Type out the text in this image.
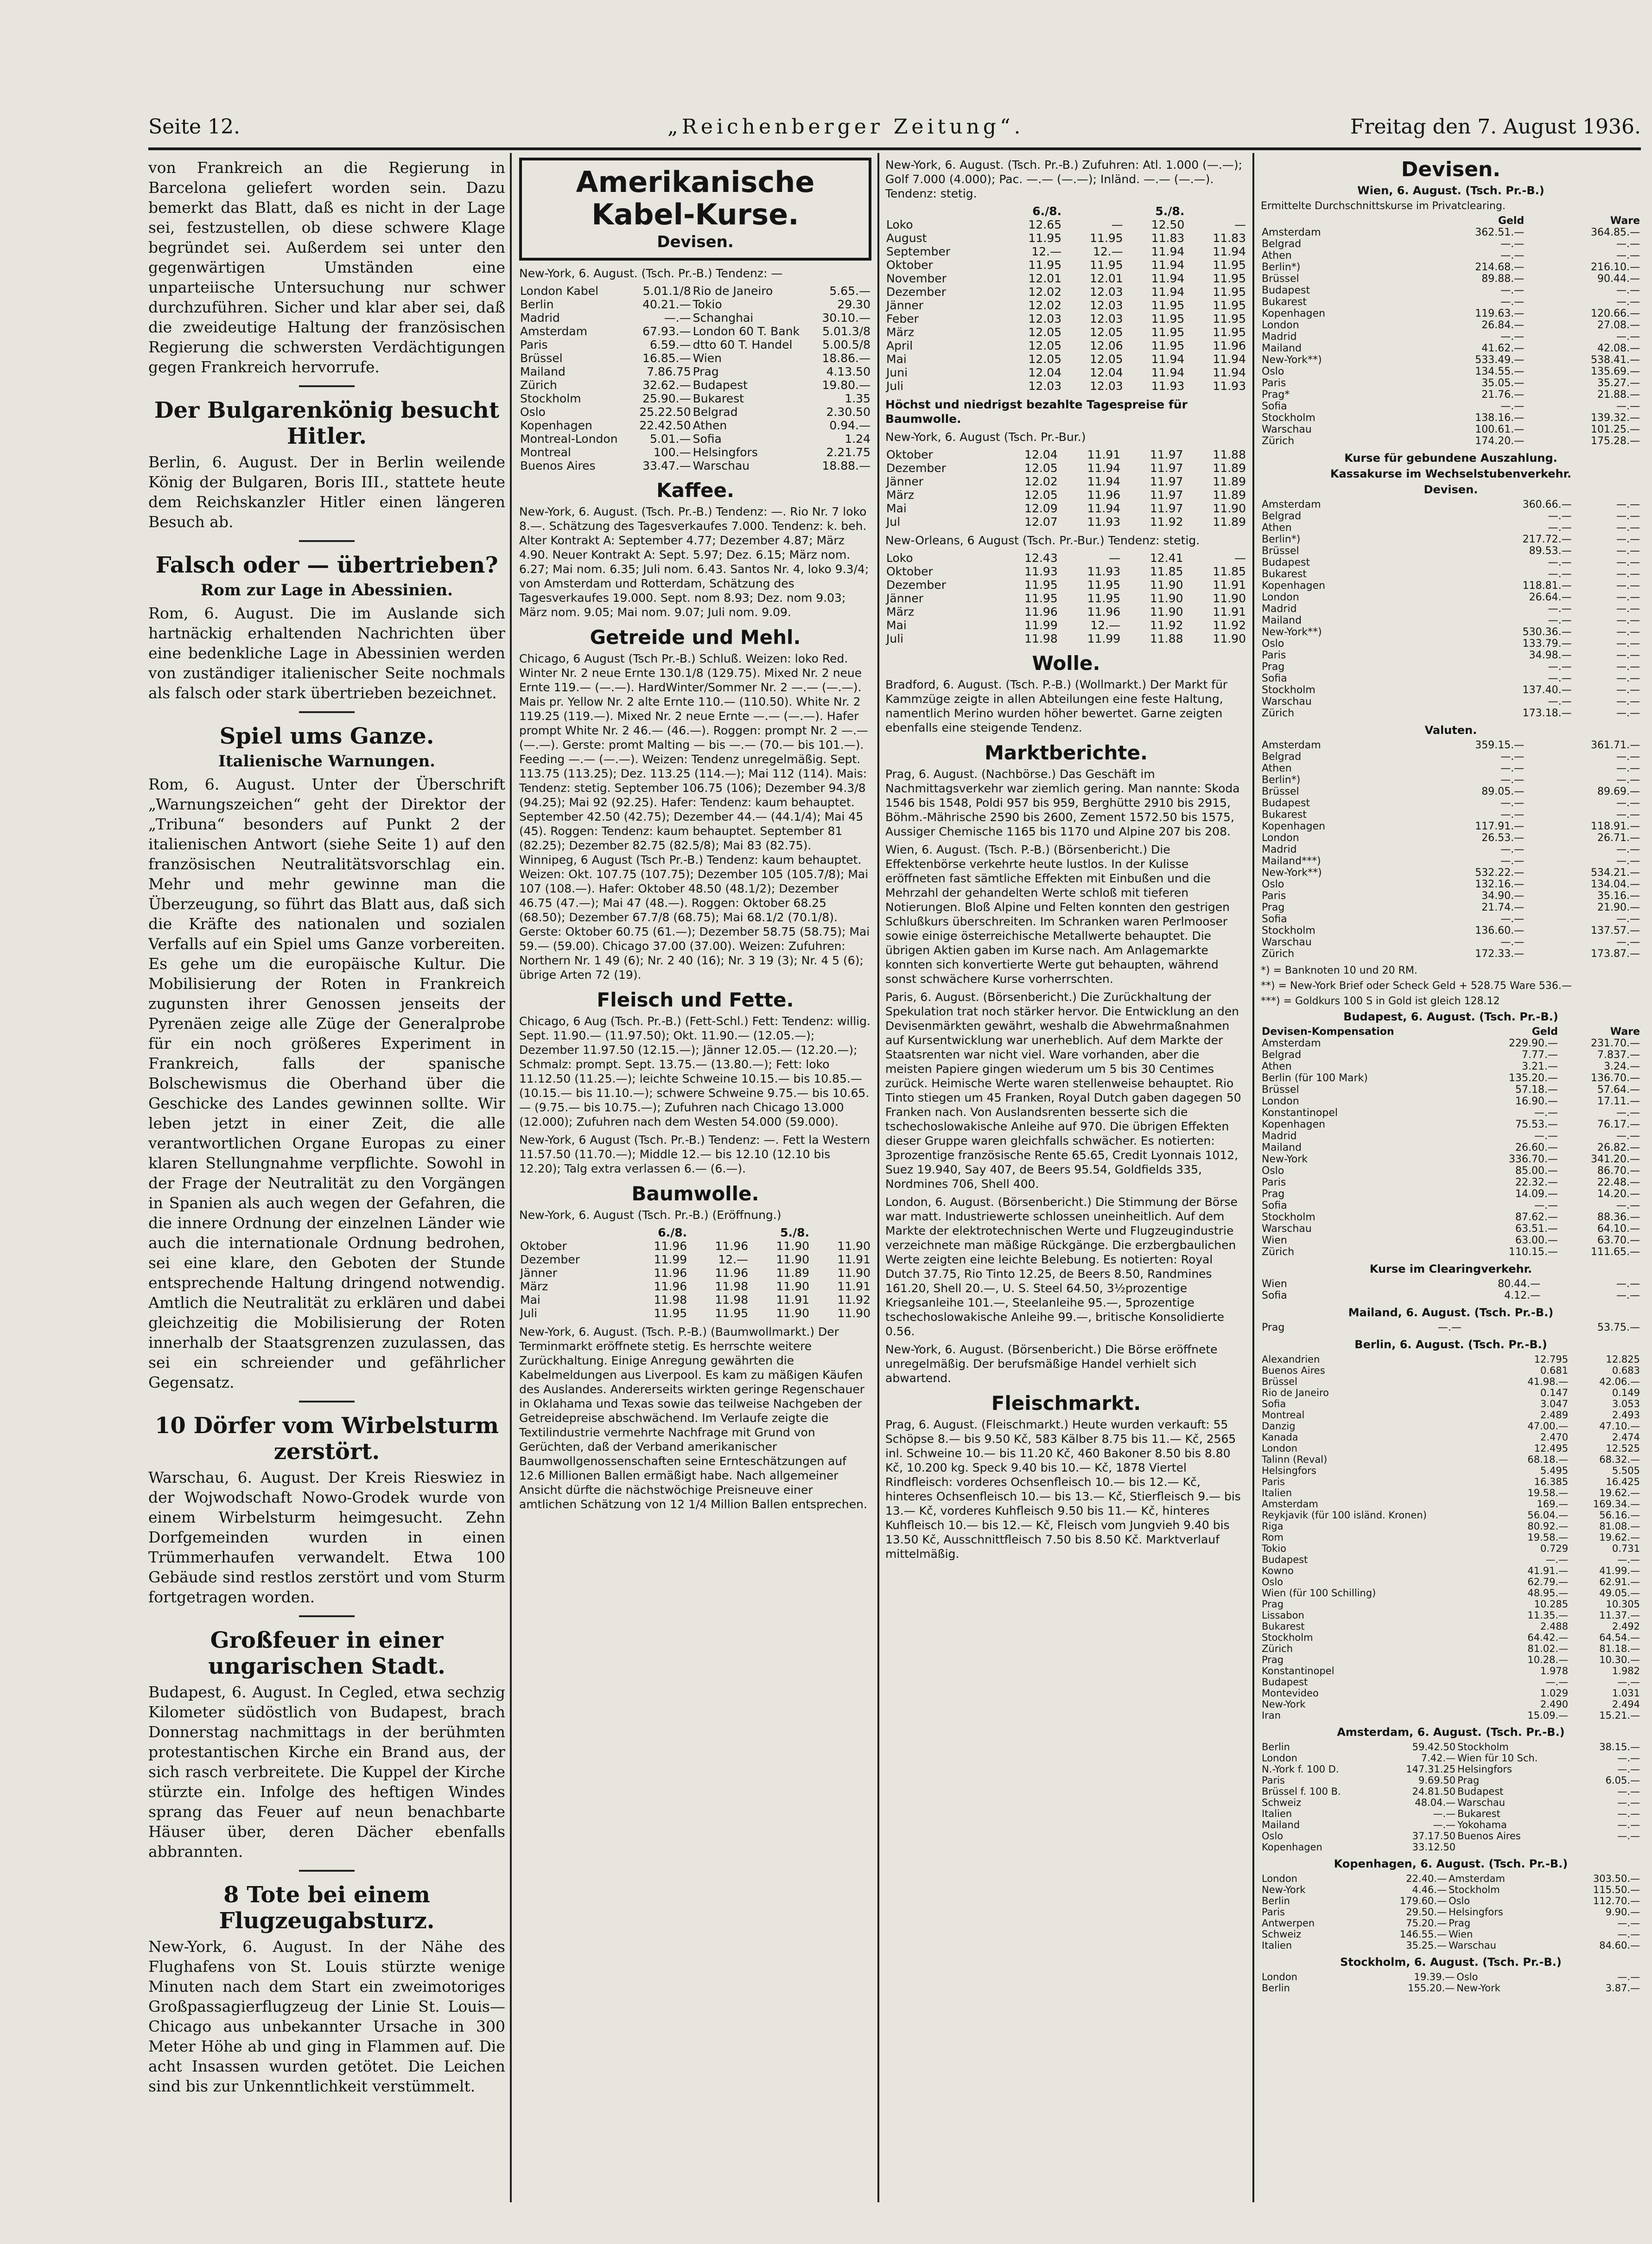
Seite 12.	„Reichenberger Zeitung“.	Freitag den 7. August 1936.

von Frankreich an die Regierung in Barcelona geliefert worden sein. Dazu bemerkt das Blatt, daß es nicht in der Lage sei, festzustellen, ob diese schwere Klage begründet sei. Außerdem sei unter den gegenwärtigen Umständen eine unparteiische Untersuchung nur schwer durchzuführen. Sicher und klar aber sei, daß die zweideutige Haltung der französischen Regierung die schwersten Verdächtigungen gegen Frankreich hervorrufe.

Der Bulgarenkönig besucht Hitler.

Berlin, 6. August. Der in Berlin weilende König der Bulgaren, Boris III., stattete heute dem Reichskanzler Hitler einen längeren Besuch ab.

Falsch oder — übertrieben?
Rom zur Lage in Abessinien.

Rom, 6. August. Die im Auslande sich hartnäckig erhaltenden Nachrichten über eine bedenkliche Lage in Abessinien werden von zuständiger italienischer Seite nochmals als falsch oder stark übertrieben bezeichnet.

Spiel ums Ganze.
Italienische Warnungen.

Rom, 6. August. Unter der Überschrift „Warnungszeichen“ geht der Direktor der „Tribuna“ besonders auf Punkt 2 der italienischen Antwort (siehe Seite 1) auf den französischen Neutralitätsvorschlag ein. Mehr und mehr gewinne man die Überzeugung, so führt das Blatt aus, daß sich die Kräfte des nationalen und sozialen Verfalls auf ein Spiel ums Ganze vorbereiten. Es gehe um die europäische Kultur. Die Mobilisierung der Roten in Frankreich zugunsten ihrer Genossen jenseits der Pyrenäen zeige alle Züge der Generalprobe für ein noch größeres Experiment in Frankreich, falls der spanische Bolschewismus die Oberhand über die Geschicke des Landes gewinnen sollte. Wir leben jetzt in einer Zeit, die alle verantwortlichen Organe Europas zu einer klaren Stellungnahme verpflichte. Sowohl in der Frage der Neutralität zu den Vorgängen in Spanien als auch wegen der Gefahren, die die innere Ordnung der einzelnen Länder wie auch die internationale Ordnung bedrohen, sei eine klare, den Geboten der Stunde entsprechende Haltung dringend notwendig. Amtlich die Neutralität zu erklären und dabei gleichzeitig die Mobilisierung der Roten innerhalb der Staatsgrenzen zuzulassen, das sei ein schreiender und gefährlicher Gegensatz.

10 Dörfer vom Wirbelsturm zerstört.

Warschau, 6. August. Der Kreis Rieswiez in der Wojwodschaft Nowo-Grodek wurde von einem Wirbelsturm heimgesucht. Zehn Dorfgemeinden wurden in einen Trümmerhaufen verwandelt. Etwa 100 Gebäude sind restlos zerstört und vom Sturm fortgetragen worden.

Großfeuer in einer ungarischen Stadt.

Budapest, 6. August. In Cegled, etwa sechzig Kilometer südöstlich von Budapest, brach Donnerstag nachmittags in der berühmten protestantischen Kirche ein Brand aus, der sich rasch verbreitete. Die Kuppel der Kirche stürzte ein. Infolge des heftigen Windes sprang das Feuer auf neun benachbarte Häuser über, deren Dächer ebenfalls abbrannten.

8 Tote bei einem Flugzeugabsturz.

New-York, 6. August. In der Nähe des Flughafens von St. Louis stürzte wenige Minuten nach dem Start ein zweimotoriges Großpassagierflugzeug der Linie St. Louis—Chicago aus unbekannter Ursache in 300 Meter Höhe ab und ging in Flammen auf. Die acht Insassen wurden getötet. Die Leichen sind bis zur Unkenntlichkeit verstümmelt.

Amerikanische Kabel-Kurse.
Devisen.

New-York, 6. August. (Tsch. Pr.-B.) Tendenz: —

London Kabel	5.01.1/8	Rio de Janeiro	5.65.—
Berlin	40.21.—	Tokio	29.30
Madrid	—.—	Schanghai	30.10.—
Amsterdam	67.93.—	London 60 T. Bank	5.01.3/8
Paris	6.59.—	dtto 60 T. Handel	5.00.5/8
Brüssel	16.85.—	Wien	18.86.—
Mailand	7.86.75	Prag	4.13.50
Zürich	32.62.—	Budapest	19.80.—
Stockholm	25.90.—	Bukarest	1.35
Oslo	25.22.50	Belgrad	2.30.50
Kopenhagen	22.42.50	Athen	0.94.—
Montreal-London	5.01.—	Sofia	1.24
Montreal	100.—	Helsingfors	2.21.75
Buenos Aires	33.47.—	Warschau	18.88.—
Kaffee.

New-York, 6. August. (Tsch. Pr.-B.) Tendenz: —. Rio Nr. 7 loko 8.—. Schätzung des Tagesverkaufes 7.000. Tendenz: k. beh. Alter Kontrakt A: September 4.77; Dezember 4.87; März 4.90. Neuer Kontrakt A: Sept. 5.97; Dez. 6.15; März nom. 6.27; Mai nom. 6.35; Juli nom. 6.43. Santos Nr. 4, loko 9.3/4; von Amsterdam und Rotterdam, Schätzung des Tagesverkaufes 19.000. Sept. nom 8.93; Dez. nom 9.03; März nom. 9.05; Mai nom. 9.07; Juli nom. 9.09.

Getreide und Mehl.

Chicago, 6 August (Tsch Pr.-B.) Schluß. Weizen: loko Red. Winter Nr. 2 neue Ernte 130.1/8 (129.75). Mixed Nr. 2 neue Ernte 119.— (—.—). HardWinter/Sommer Nr. 2 —.— (—.—). Mais pr. Yellow Nr. 2 alte Ernte 110.— (110.50). White Nr. 2 119.25 (119.—). Mixed Nr. 2 neue Ernte —.— (—.—). Hafer prompt White Nr. 2 46.— (46.—). Roggen: prompt Nr. 2 —.— (—.—). Gerste: promt Malting — bis —.— (70.— bis 101.—). Feeding —.— (—.—). Weizen: Tendenz unregelmäßig. Sept. 113.75 (113.25); Dez. 113.25 (114.—); Mai 112 (114). Mais: Tendenz: stetig. September 106.75 (106); Dezember 94.3/8 (94.25); Mai 92 (92.25). Hafer: Tendenz: kaum behauptet. September 42.50 (42.75); Dezember 44.— (44.1/4); Mai 45 (45). Roggen: Tendenz: kaum behauptet. September 81 (82.25); Dezember 82.75 (82.5/8); Mai 83 (82.75). Winnipeg, 6 August (Tsch Pr.-B.) Tendenz: kaum behauptet. Weizen: Okt. 107.75 (107.75); Dezember 105 (105.7/8); Mai 107 (108.—). Hafer: Oktober 48.50 (48.1/2); Dezember 46.75 (47.—); Mai 47 (48.—). Roggen: Oktober 68.25 (68.50); Dezember 67.7/8 (68.75); Mai 68.1/2 (70.1/8). Gerste: Oktober 60.75 (61.—); Dezember 58.75 (58.75); Mai 59.— (59.00). Chicago 37.00 (37.00). Weizen: Zufuhren: Northern Nr. 1 49 (6); Nr. 2 40 (16); Nr. 3 19 (3); Nr. 4 5 (6); übrige Arten 72 (19).

Fleisch und Fette.

Chicago, 6 Aug (Tsch. Pr.-B.) (Fett-Schl.) Fett: Tendenz: willig. Sept. 11.90.— (11.97.50); Okt. 11.90.— (12.05.—); Dezember 11.97.50 (12.15.—); Jänner 12.05.— (12.20.—); Schmalz: prompt. Sept. 13.75.— (13.80.—); Fett: loko 11.12.50 (11.25.—); leichte Schweine 10.15.— bis 10.85.— (10.15.— bis 11.10.—); schwere Schweine 9.75.— bis 10.65.— (9.75.— bis 10.75.—); Zufuhren nach Chicago 13.000 (12.000); Zufuhren nach dem Westen 54.000 (59.000).

New-York, 6 August (Tsch. Pr.-B.) Tendenz: —. Fett la Western 11.57.50 (11.70.—); Middle 12.— bis 12.10 (12.10 bis 12.20); Talg extra verlassen 6.— (6.—).

Baumwolle.

New-York, 6. August (Tsch. Pr.-B.) (Eröffnung.)

	6./8.		5./8.	
Oktober	11.96	11.96	11.90	11.90
Dezember	11.99	12.—	11.90	11.91
Jänner	11.96	11.96	11.89	11.90
März	11.96	11.98	11.90	11.91
Mai	11.98	11.98	11.91	11.92
Juli	11.95	11.95	11.90	11.90

New-York, 6. August. (Tsch. P.-B.) (Baumwollmarkt.) Der Terminmarkt eröffnete stetig. Es herrschte weitere Zurückhaltung. Einige Anregung gewährten die Kabelmeldungen aus Liverpool. Es kam zu mäßigen Käufen des Auslandes. Andererseits wirkten geringe Regenschauer in Oklahama und Texas sowie das teilweise Nachgeben der Getreidepreise abschwächend. Im Verlaufe zeigte die Textilindustrie vermehrte Nachfrage mit Grund von Gerüchten, daß der Verband amerikanischer Baumwollgenossenschaften seine Ernteschätzungen auf 12.6 Millionen Ballen ermäßigt habe. Nach allgemeiner Ansicht dürfte die nächstwöchige Preisneuve einer amtlichen Schätzung von 12 1/4 Million Ballen entsprechen.

New-York, 6. August. (Tsch. Pr.-B.) Zufuhren: Atl. 1.000 (—.—); Golf 7.000 (4.000); Pac. —.— (—.—); Inländ. —.— (—.—). Tendenz: stetig.

	6./8.		5./8.	
Loko	12.65	—	12.50	—
August	11.95	11.95	11.83	11.83
September	12.—	12.—	11.94	11.94
Oktober	11.95	11.95	11.94	11.95
November	12.01	12.01	11.94	11.95
Dezember	12.02	12.03	11.94	11.95
Jänner	12.02	12.03	11.95	11.95
Feber	12.03	12.03	11.95	11.95
März	12.05	12.05	11.95	11.95
April	12.05	12.06	11.95	11.96
Mai	12.05	12.05	11.94	11.94
Juni	12.04	12.04	11.94	11.94
Juli	12.03	12.03	11.93	11.93

Höchst und niedrigst bezahlte Tagespreise für Baumwolle.

New-York, 6. August (Tsch. Pr.-Bur.)

Oktober	12.04	11.91	11.97	11.88
Dezember	12.05	11.94	11.97	11.89
Jänner	12.02	11.94	11.97	11.89
März	12.05	11.96	11.97	11.89
Mai	12.09	11.94	11.97	11.90
Jul	12.07	11.93	11.92	11.89

New-Orleans, 6 August (Tsch. Pr.-Bur.) Tendenz: stetig.

Loko	12.43	—	12.41	—
Oktober	11.93	11.93	11.85	11.85
Dezember	11.95	11.95	11.90	11.91
Jänner	11.95	11.95	11.90	11.90
März	11.96	11.96	11.90	11.91
Mai	11.99	12.—	11.92	11.92
Juli	11.98	11.99	11.88	11.90
Wolle.

Bradford, 6. August. (Tsch. P.-B.) (Wollmarkt.) Der Markt für Kammzüge zeigte in allen Abteilungen eine feste Haltung, namentlich Merino wurden höher bewertet. Garne zeigten ebenfalls eine steigende Tendenz.

Marktberichte.

Prag, 6. August. (Nachbörse.) Das Geschäft im Nachmittagsverkehr war ziemlich gering. Man nannte: Skoda 1546 bis 1548, Poldi 957 bis 959, Berghütte 2910 bis 2915, Böhm.-Mährische 2590 bis 2600, Zement 1572.50 bis 1575, Aussiger Chemische 1165 bis 1170 und Alpine 207 bis 208.

Wien, 6. August. (Tsch. P.-B.) (Börsenbericht.) Die Effektenbörse verkehrte heute lustlos. In der Kulisse eröffneten fast sämtliche Effekten mit Einbußen und die Mehrzahl der gehandelten Werte schloß mit tieferen Notierungen. Bloß Alpine und Felten konnten den gestrigen Schlußkurs überschreiten. Im Schranken waren Perlmooser sowie einige österreichische Metallwerte behauptet. Die übrigen Aktien gaben im Kurse nach. Am Anlagemarkte konnten sich konvertierte Werte gut behaupten, während sonst schwächere Kurse vorherrschten.

Paris, 6. August. (Börsenbericht.) Die Zurückhaltung der Spekulation trat noch stärker hervor. Die Entwicklung an den Devisenmärkten gewährt, weshalb die Abwehrmaßnahmen auf Kursentwicklung war unerheblich. Auf dem Markte der Staatsrenten war nicht viel. Ware vorhanden, aber die meisten Papiere gingen wiederum um 5 bis 30 Centimes zurück. Heimische Werte waren stellenweise behauptet. Rio Tinto stiegen um 45 Franken, Royal Dutch gaben dagegen 50 Franken nach. Von Auslandsrenten besserte sich die tschechoslowakische Anleihe auf 970. Die übrigen Effekten dieser Gruppe waren gleichfalls schwächer. Es notierten: 3prozentige französische Rente 65.65, Credit Lyonnais 1012, Suez 19.940, Say 407, de Beers 95.54, Goldfields 335, Nordmines 706, Shell 400.

London, 6. August. (Börsenbericht.) Die Stimmung der Börse war matt. Industriewerte schlossen uneinheitlich. Auf dem Markte der elektrotechnischen Werte und Flugzeugindustrie verzeichnete man mäßige Rückgänge. Die erzbergbaulichen Werte zeigten eine leichte Belebung. Es notierten: Royal Dutch 37.75, Rio Tinto 12.25, de Beers 8.50, Randmines 161.20, Shell 20.—, U. S. Steel 64.50, 3½prozentige Kriegsanleihe 101.—, Steelanleihe 95.—, 5prozentige tschechoslowakische Anleihe 99.—, britische Konsolidierte 0.56.

New-York, 6. August. (Börsenbericht.) Die Börse eröffnete unregelmäßig. Der berufsmäßige Handel verhielt sich abwartend.

Fleischmarkt.

Prag, 6. August. (Fleischmarkt.) Heute wurden verkauft: 55 Schöpse 8.— bis 9.50 Kč, 583 Kälber 8.75 bis 11.— Kč, 2565 inl. Schweine 10.— bis 11.20 Kč, 460 Bakoner 8.50 bis 8.80 Kč, 10.200 kg. Speck 9.40 bis 10.— Kč, 1878 Viertel Rindfleisch: vorderes Ochsenfleisch 10.— bis 12.— Kč, hinteres Ochsenfleisch 10.— bis 13.— Kč, Stierfleisch 9.— bis 13.— Kč, vorderes Kuhfleisch 9.50 bis 11.— Kč, hinteres Kuhfleisch 10.— bis 12.— Kč, Fleisch vom Jungvieh 9.40 bis 13.50 Kč, Ausschnittfleisch 7.50 bis 8.50 Kč. Marktverlauf mittelmäßig.

Devisen.
Wien, 6. August. (Tsch. Pr.-B.)
Ermittelte Durchschnittskurse im Privatclearing.
	Geld	Ware
Amsterdam	362.51.—	364.85.—
Belgrad	—.—	—.—
Athen	—.—	—.—
Berlin*)	214.68.—	216.10.—
Brüssel	89.88.—	90.44.—
Budapest	—.—	—.—
Bukarest	—.—	—.—
Kopenhagen	119.63.—	120.66.—
London	26.84.—	27.08.—
Madrid	—.—	—.—
Mailand	41.62.—	42.08.—
New-York**)	533.49.—	538.41.—
Oslo	134.55.—	135.69.—
Paris	35.05.—	35.27.—
Prag*	21.76.—	21.88.—
Sofia	—.—	—.—
Stockholm	138.16.—	139.32.—
Warschau	100.61.—	101.25.—
Zürich	174.20.—	175.28.—
Kurse für gebundene Auszahlung.
Kassakurse im Wechselstubenverkehr.
Devisen.
Amsterdam	360.66.—	—.—
Belgrad	—.—	—.—
Athen	—.—	—.—
Berlin*)	217.72.—	—.—
Brüssel	89.53.—	—.—
Budapest	—.—	—.—
Bukarest	—.—	—.—
Kopenhagen	118.81.—	—.—
London	26.64.—	—.—
Madrid	—.—	—.—
Mailand	—.—	—.—
New-York**)	530.36.—	—.—
Oslo	133.79.—	—.—
Paris	34.98.—	—.—
Prag	—.—	—.—
Sofia	—.—	—.—
Stockholm	137.40.—	—.—
Warschau	—.—	—.—
Zürich	173.18.—	—.—
Valuten.
Amsterdam	359.15.—	361.71.—
Belgrad	—.—	—.—
Athen	—.—	—.—
Berlin*)	—.—	—.—
Brüssel	89.05.—	89.69.—
Budapest	—.—	—.—
Bukarest	—.—	—.—
Kopenhagen	117.91.—	118.91.—
London	26.53.—	26.71.—
Madrid	—.—	—.—
Mailand***)	—.—	—.—
New-York**)	532.22.—	534.21.—
Oslo	132.16.—	134.04.—
Paris	34.90.—	35.16.—
Prag	21.74.—	21.90.—
Sofia	—.—	—.—
Stockholm	136.60.—	137.57.—
Warschau	—.—	—.—
Zürich	172.33.—	173.87.—
*) = Banknoten 10 und 20 RM.
**) = New-York Brief oder Scheck Geld + 528.75 Ware 536.—
***) = Goldkurs 100 S in Gold ist gleich 128.12
Budapest, 6. August. (Tsch. Pr.-B.)
Devisen-Kompensation	Geld	Ware
Amsterdam	229.90.—	231.70.—
Belgrad	7.77.—	7.837.—
Athen	3.21.—	3.24.—
Berlin (für 100 Mark)	135.20.—	136.70.—
Brüssel	57.18.—	57.64.—
London	16.90.—	17.11.—
Konstantinopel	—.—	—.—
Kopenhagen	75.53.—	76.17.—
Madrid	—.—	—.—
Mailand	26.60.—	26.82.—
New-York	336.70.—	341.20.—
Oslo	85.00.—	86.70.—
Paris	22.32.—	22.48.—
Prag	14.09.—	14.20.—
Sofia	—.—	—.—
Stockholm	87.62.—	88.36.—
Warschau	63.51.—	64.10.—
Wien	63.00.—	63.70.—
Zürich	110.15.—	111.65.—
Kurse im Clearingverkehr.
Wien	80.44.—	—.—
Sofia	4.12.—	—.—
Mailand, 6. August. (Tsch. Pr.-B.)
Prag	—.—	53.75.—
Berlin, 6. August. (Tsch. Pr.-B.)
Alexandrien	12.795	12.825
Buenos Aires	0.681	0.683
Brüssel	41.98.—	42.06.—
Rio de Janeiro	0.147	0.149
Sofia	3.047	3.053
Montreal	2.489	2.493
Danzig	47.00.—	47.10.—
Kanada	2.470	2.474
London	12.495	12.525
Talinn (Reval)	68.18.—	68.32.—
Helsingfors	5.495	5.505
Paris	16.385	16.425
Italien	19.58.—	19.62.—
Amsterdam	169.—	169.34.—
Reykjavik (für 100 isländ. Kronen)	56.04.—	56.16.—
Riga	80.92.—	81.08.—
Rom	19.58.—	19.62.—
Tokio	0.729	0.731
Budapest	—.—	—.—
Kowno	41.91.—	41.99.—
Oslo	62.79.—	62.91.—
Wien (für 100 Schilling)	48.95.—	49.05.—
Prag	10.285	10.305
Lissabon	11.35.—	11.37.—
Bukarest	2.488	2.492
Stockholm	64.42.—	64.54.—
Zürich	81.02.—	81.18.—
Prag	10.28.—	10.30.—
Konstantinopel	1.978	1.982
Budapest	—.—	—.—
Montevideo	1.029	1.031
New-York	2.490	2.494
Iran	15.09.—	15.21.—
Amsterdam, 6. August. (Tsch. Pr.-B.)
Berlin	59.42.50	Stockholm	38.15.—
London	7.42.—	Wien für 10 Sch.	—.—
N.-York f. 100 D.	147.31.25	Helsingfors	—.—
Paris	9.69.50	Prag	6.05.—
Brüssel f. 100 B.	24.81.50	Budapest	—.—
Schweiz	48.04.—	Warschau	—.—
Italien	—.—	Bukarest	—.—
Mailand	—.—	Yokohama	—.—
Oslo	37.17.50	Buenos Aires	—.—
Kopenhagen	33.12.50		
Kopenhagen, 6. August. (Tsch. Pr.-B.)
London	22.40.—	Amsterdam	303.50.—
New-York	4.46.—	Stockholm	115.50.—
Berlin	179.60.—	Oslo	112.70.—
Paris	29.50.—	Helsingfors	9.90.—
Antwerpen	75.20.—	Prag	—.—
Schweiz	146.55.—	Wien	—.—
Italien	35.25.—	Warschau	84.60.—
Stockholm, 6. August. (Tsch. Pr.-B.)
London	19.39.—	Oslo	—.—
Berlin	155.20.—	New-York	3.87.—
